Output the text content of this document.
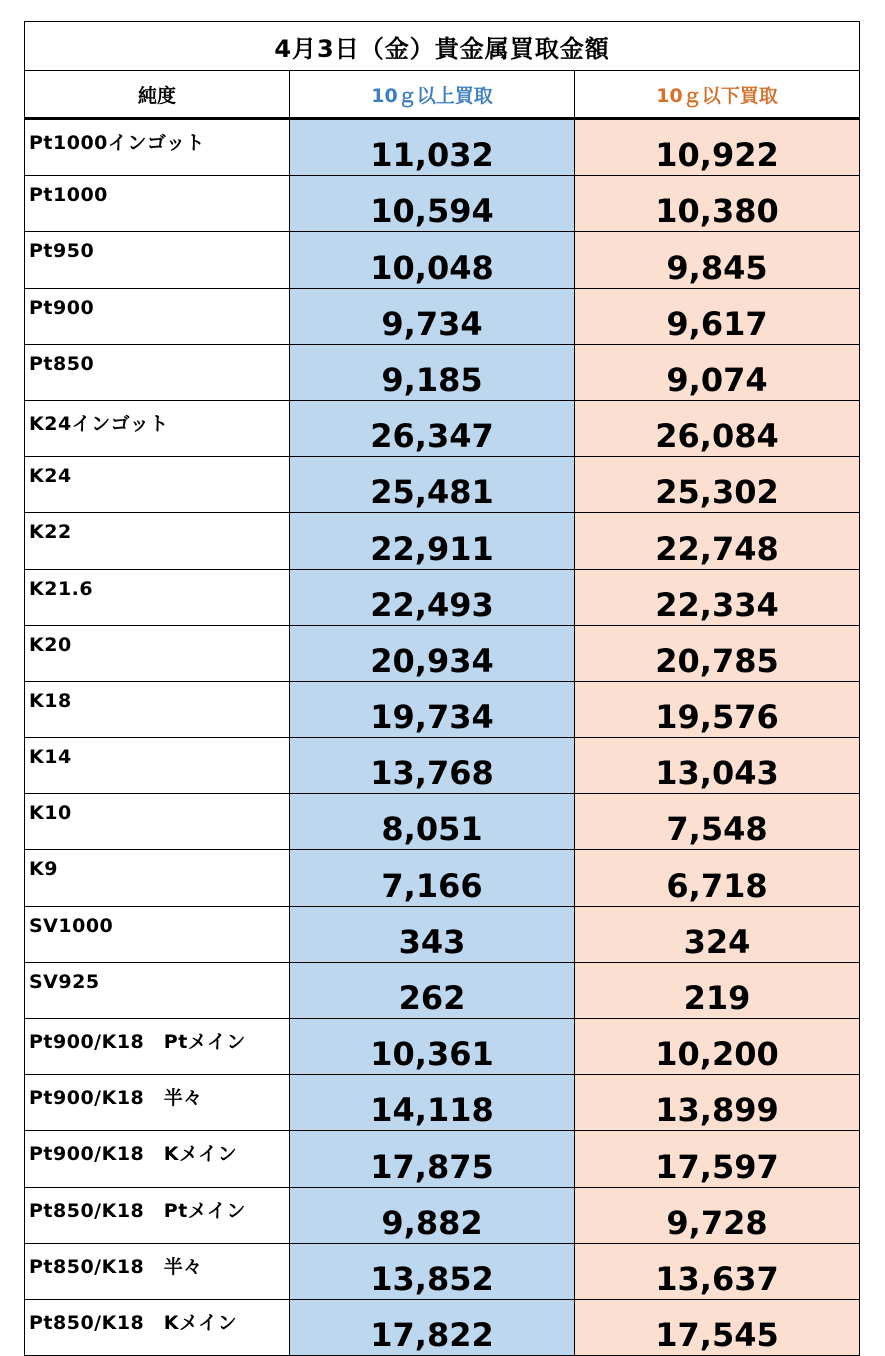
4月3日（金）貴金属買取金額		
純度	10ｇ以上買取	10ｇ以下買取
Pt1000インゴット	11,032	10,922
Pt1000	10,594	10,380
Pt950	10,048	9,845
Pt900	9,734	9,617
Pt850	9,185	9,074
K24インゴット	26,347	26,084
K24	25,481	25,302
K22	22,911	22,748
K21.6	22,493	22,334
K20	20,934	20,785
K18	19,734	19,576
K14	13,768	13,043
K10	8,051	7,548
K9	7,166	6,718
SV1000	343	324
SV925	262	219
Pt900/K18　Ptメイン	10,361	10,200
Pt900/K18　半々	14,118	13,899
Pt900/K18　Kメイン	17,875	17,597
Pt850/K18　Ptメイン	9,882	9,728
Pt850/K18　半々	13,852	13,637
Pt850/K18　Kメイン	17,822	17,545
